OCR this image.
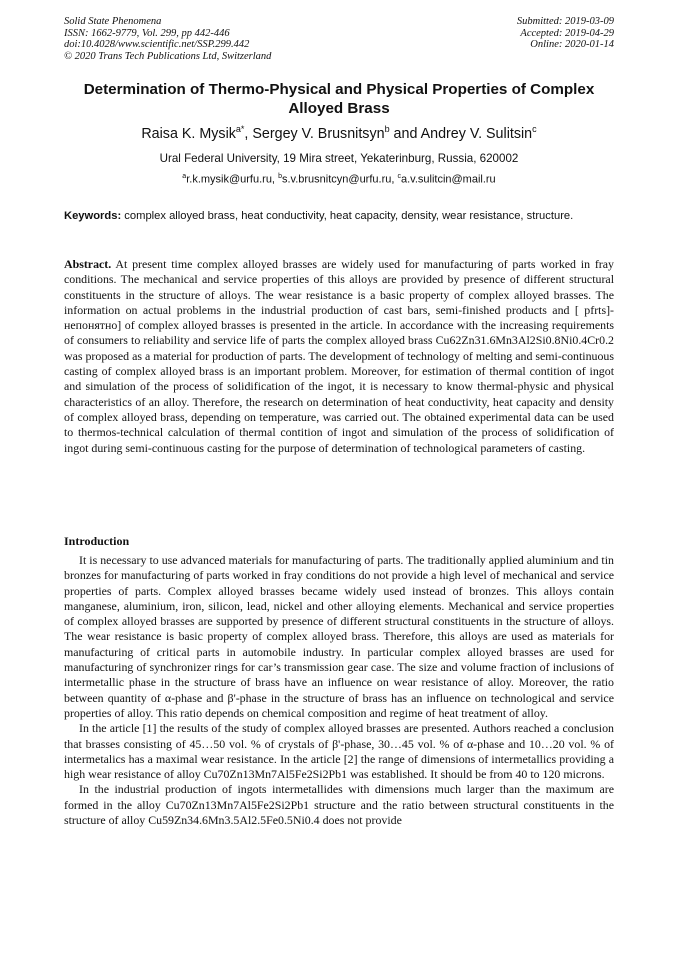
Solid State Phenomena
ISSN: 1662-9779, Vol. 299, pp 442-446
doi:10.4028/www.scientific.net/SSP.299.442
© 2020 Trans Tech Publications Ltd, Switzerland
Submitted: 2019-03-09
Accepted: 2019-04-29
Online: 2020-01-14
Determination of Thermo-Physical and Physical Properties of Complex Alloyed Brass
Raisa K. Mysik$^{a*}$, Sergey V. Brusnitsyn$^b$ and Andrey V. Sulitsin$^c$
Ural Federal University, 19 Mira street, Yekaterinburg, Russia, 620002
$^a$r.k.mysik@urfu.ru, $^b$s.v.brusnitcyn@urfu.ru, $^c$a.v.sulitcin@mail.ru
Keywords: complex alloyed brass, heat conductivity, heat capacity, density, wear resistance, structure.
Abstract. At present time complex alloyed brasses are widely used for manufacturing of parts worked in fray conditions. The mechanical and service properties of this alloys are provided by presence of different structural constituents in the structure of alloys. The wear resistance is a basic property of complex alloyed brasses. The information on actual problems in the industrial production of cast bars, semi-finished products and [ pfrts]-непонятно] of complex alloyed brasses is presented in the article. In accordance with the increasing requirements of consumers to reliability and service life of parts the complex alloyed brass Cu62Zn31.6Mn3Al2Si0.8Ni0.4Cr0.2 was proposed as a material for production of parts. The development of technology of melting and semi-continuous casting of complex alloyed brass is an important problem. Moreover, for estimation of thermal contition of ingot and simulation of the process of solidification of the ingot, it is necessary to know thermal-physic and physical characteristics of an alloy. Therefore, the research on determination of heat conductivity, heat capacity and density of complex alloyed brass, depending on temperature, was carried out. The obtained experimental data can be used to thermos-technical calculation of thermal contition of ingot and simulation of the process of solidification of ingot during semi-continuous casting for the purpose of determination of technological parameters of casting.
Introduction

It is necessary to use advanced materials for manufacturing of parts. The traditionally applied aluminium and tin bronzes for manufacturing of parts worked in fray conditions do not provide a high level of mechanical and service properties of parts. Complex alloyed brasses became widely used instead of bronzes. This alloys contain manganese, aluminium, iron, silicon, lead, nickel and other alloying elements. Mechanical and service properties of complex alloyed brasses are supported by presence of different structural constituents in the structure of alloys. The wear resistance is basic property of complex alloyed brass. Therefore, this alloys are used as materials for manufacturing of critical parts in automobile industry. In particular complex alloyed brasses are used for manufacturing of synchronizer rings for car’s transmission gear case. The size and volume fraction of inclusions of intermetallic phase in the structure of brass have an influence on wear resistance of alloy. Moreover, the ratio between quantity of α-phase and β'-phase in the structure of brass has an influence on technological and service properties of alloy. This ratio depends on chemical composition and regime of heat treatment of alloy.

In the article [1] the results of the study of complex alloyed brasses are presented. Authors reached a conclusion that brasses consisting of 45…50 vol. % of crystals of β'-phase, 30…45 vol. % of α-phase and 10…20 vol. % of intermetalics has a maximal wear resistance. In the article [2] the range of dimensions of intermetallics providing a high wear resistance of alloy Cu70Zn13Mn7Al5Fe2Si2Pb1 was established. It should be from 40 to 120 microns.

In the industrial production of ingots intermetallides with dimensions much larger than the maximum are formed in the alloy Cu70Zn13Mn7Al5Fe2Si2Pb1 structure and the ratio between structural constituents in the structure of alloy Cu59Zn34.6Mn3.5Al2.5Fe0.5Ni0.4 does not provide
